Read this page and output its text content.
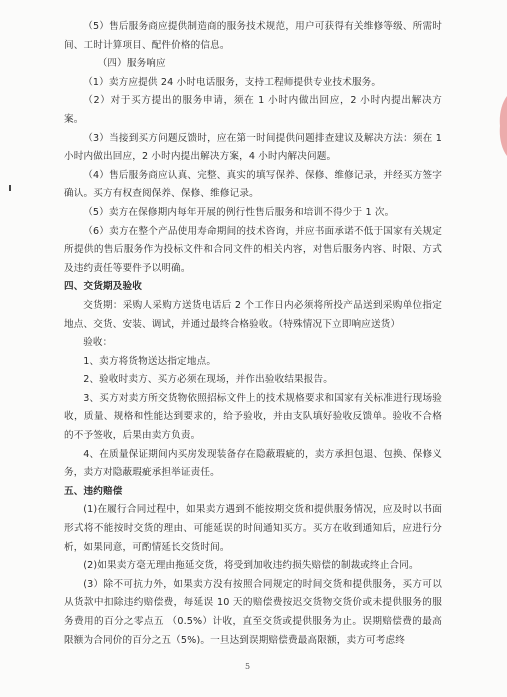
（5）售后服务商应提供制造商的服务技术规范，用户可获得有关维修等级、所需时间、工时计算项目、配件价格的信息。

（四）服务响应

（1）卖方应提供 24 小时电话服务，支持工程师提供专业技术服务。

（2）对于买方提出的服务申请，须在 1 小时内做出回应，2 小时内提出解决方案。

（3）当接到买方问题反馈时，应在第一时间提供问题排查建议及解决方法：须在 1 小时内做出回应，2 小时内提出解决方案，4 小时内解决问题。

（4）售后服务商应认真、完整、真实的填写保养、保修、维修记录，并经买方签字确认。买方有权查阅保养、保修、维修记录。

（5）卖方在保修期内每年开展的例行性售后服务和培训不得少于 1 次。

（6）卖方在整个产品使用寿命期间的技术咨询，并应书面承诺不低于国家有关规定所提供的售后服务作为投标文件和合同文件的相关内容，对售后服务内容、时限、方式及违约责任等要件予以明确。

四、交货期及验收

交货期：采购人采购方送货电话后 2 个工作日内必须将所投产品送到采购单位指定地点、交货、安装、调试，并通过最终合格验收。（特殊情况下立即响应送货）

验收：

1、卖方将货物送达指定地点。

2、验收时卖方、买方必须在现场，并作出验收结果报告。

3、买方对卖方所交货物依照招标文件上的技术规格要求和国家有关标准进行现场验收，质量、规格和性能达到要求的，给予验收，并由支队填好验收反馈单。验收不合格的不予签收，后果由卖方负责。

4、在质量保证期间内买房发现装备存在隐蔽瑕疵的，卖方承担包退、包换、保修义务，卖方对隐蔽瑕疵承担举证责任。

五、违约赔偿

(1)在履行合同过程中，如果卖方遇到不能按期交货和提供服务情况，应及时以书面形式将不能按时交货的理由、可能延误的时间通知买方。买方在收到通知后，应进行分析，如果同意，可酌情延长交货时间。

(2)如果卖方毫无理由拖延交货，将受到加收违约损失赔偿的制裁或终止合同。

(3）除不可抗力外，如果卖方没有按照合同规定的时间交货和提供服务，买方可以从货款中扣除违约赔偿费，每延误 10 天的赔偿费按迟交货物交货价或未提供服务的服务费用的百分之零点五 （0.5%）计收，直至交货或提供服务为止。误期赔偿费的最高限额为合同价的百分之五（5%)。一旦达到误期赔偿费最高限额，卖方可考虑终

5
